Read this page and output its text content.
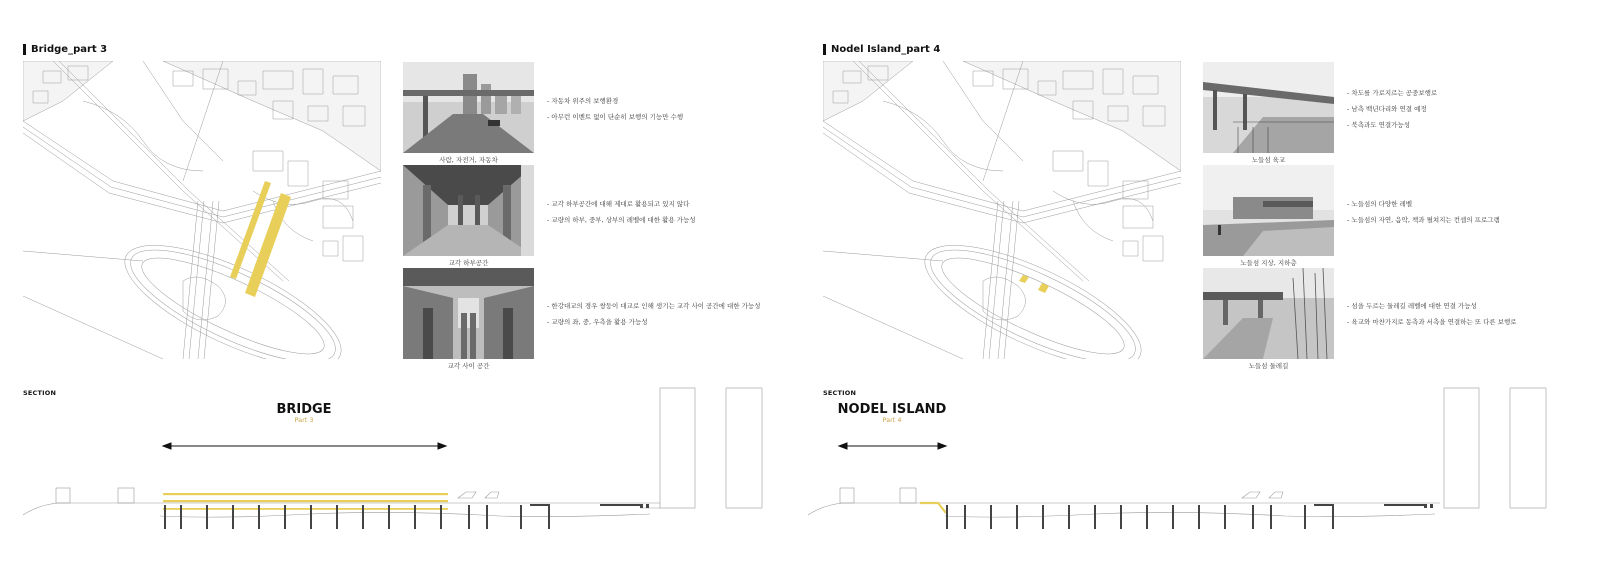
Bridge_part 3
사람, 자전거, 자동차
교각 하부공간
교각 사이 공간
- 자동차 위주의 보행환경
- 아무런 이벤트 없이 단순히 보행의 기능만 수행
- 교각 하부공간에 대해 제대로 활용되고 있지 않다
- 교량의 하부, 중부, 상부의 레벨에 대한 활용 가능성
- 한강대교의 경우 쌍둥이 대교로 인해 생기는 교각 사이 공간에 대한 가능성
- 교량의 좌, 중, 우측을 활용 가능성
SECTION
BRIDGE
Part 3
Nodel Island_part 4
노들섬 육교
노들섬 지상, 지하층
노들섬 둘레길
- 차도를 가로지르는 공중보행로
- 남측 백년다리와 연결 예정
- 북측과도 연결가능성
- 노들섬의 다양한 레벨
- 노들섬의 자연, 음악, 책과 펼쳐지는 컨셉의 프로그램
- 섬을 두르는 둘레길 레벨에 대한 연결 가능성
- 육교와 마찬가지로 동측과 서측을 연결하는 또 다른 보행로
SECTION
NODEL ISLAND
Part 4
